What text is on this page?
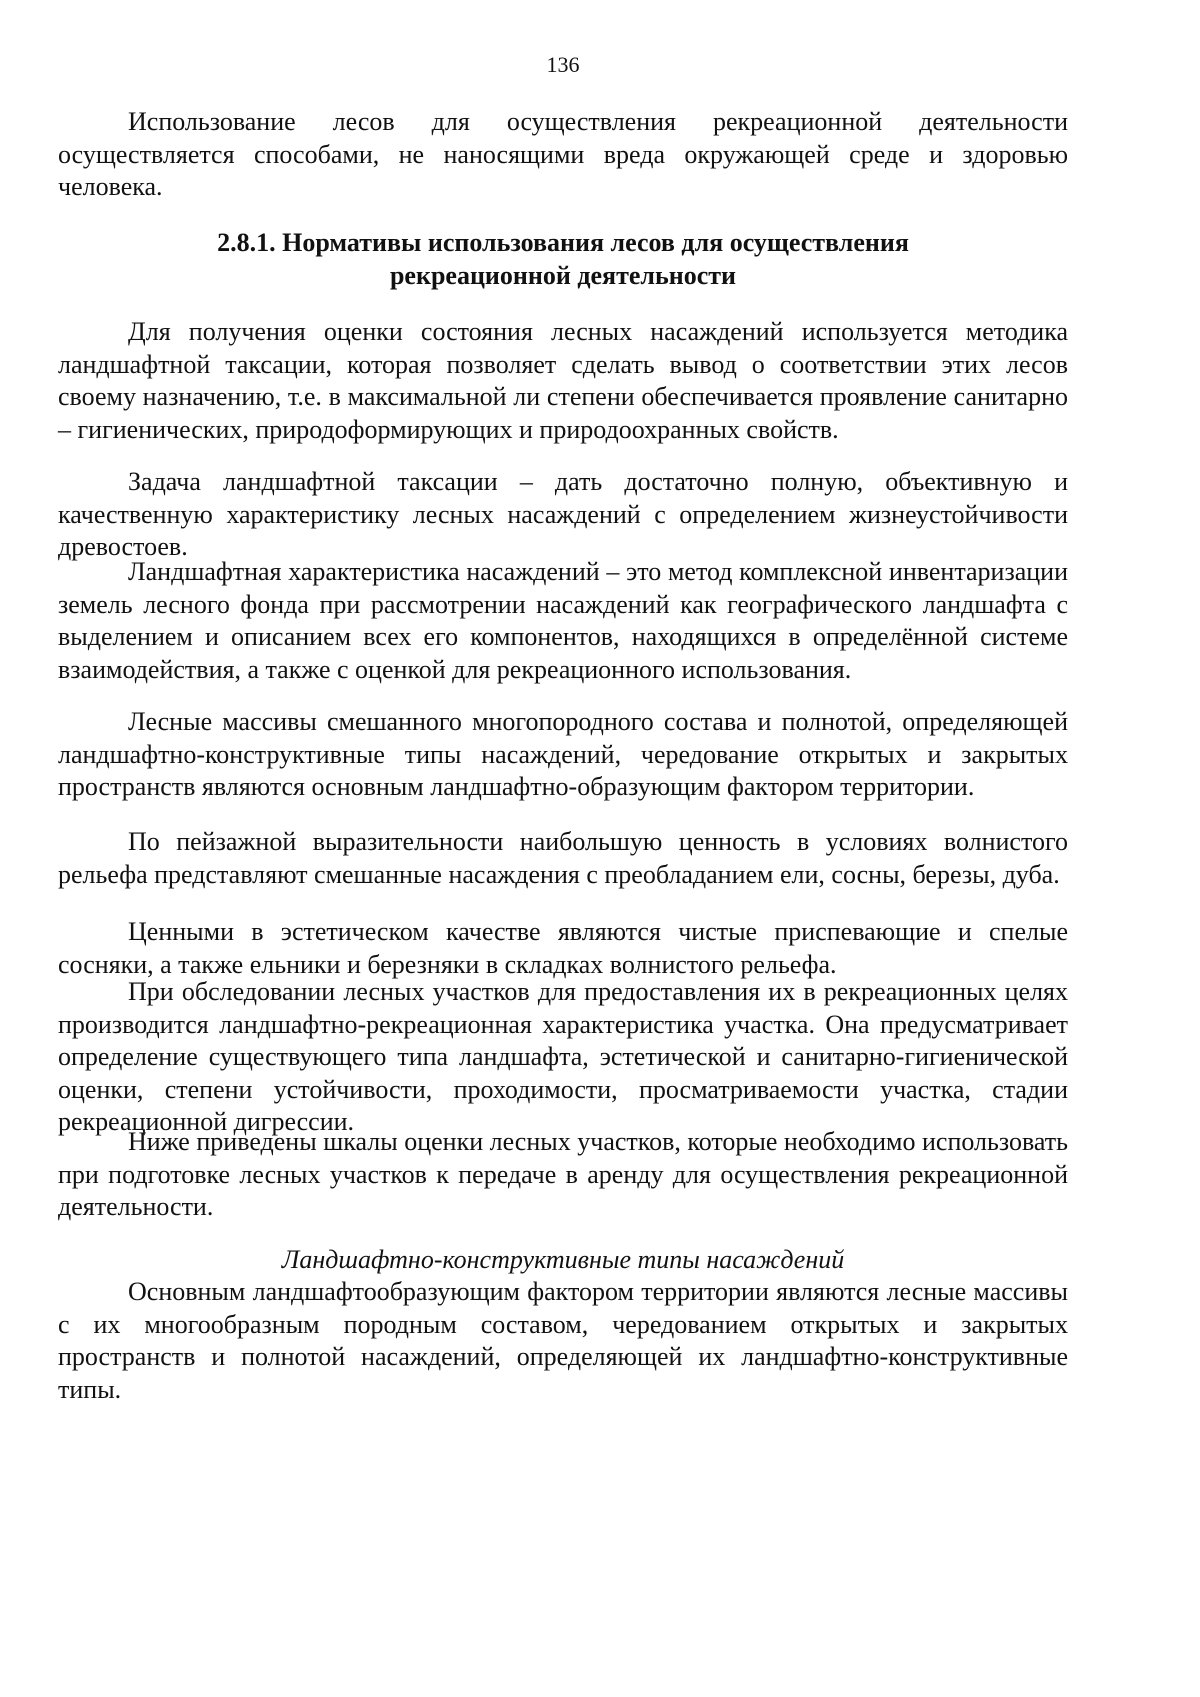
136

Использование лесов для осуществления рекреационной деятельности осуществляется способами, не наносящими вреда окружающей среде и здоровью человека.

2.8.1. Нормативы использования лесов для осуществления
рекреационной деятельности

Для получения оценки состояния лесных насаждений используется методика ландшафтной таксации, которая позволяет сделать вывод о соответствии этих лесов своему назначению, т.е. в максимальной ли степени обеспечивается проявление санитарно – гигиенических, природоформирующих и природоохранных свойств.

Задача ландшафтной таксации – дать достаточно полную, объективную и качественную характеристику лесных насаждений с определением жизнеустойчивости древостоев.

Ландшафтная характеристика насаждений – это метод комплексной инвентаризации земель лесного фонда при рассмотрении насаждений как географического ландшафта с выделением и описанием всех его компонентов, находящихся в определённой системе взаимодействия, а также с оценкой для рекреационного использования.

Лесные массивы смешанного многопородного состава и полнотой, определяющей ландшафтно-конструктивные типы насаждений, чередование открытых и закрытых пространств являются основным ландшафтно-образующим фактором территории.

По пейзажной выразительности наибольшую ценность в условиях волнистого рельефа представляют смешанные насаждения с преобладанием ели, сосны, березы, дуба.

Ценными в эстетическом качестве являются чистые приспевающие и спелые сосняки, а также ельники и березняки в складках волнистого рельефа.

При обследовании лесных участков для предоставления их в рекреационных целях производится ландшафтно-рекреационная характеристика участка. Она предусматривает определение существующего типа ландшафта, эстетической и санитарно-гигиенической оценки, степени устойчивости, проходимости, просматриваемости участка, стадии рекреационной дигрессии.

Ниже приведены шкалы оценки лесных участков, которые необходимо использовать при подготовке лесных участков к передаче в аренду для осуществления рекреационной деятельности.

Ландшафтно-конструктивные типы насаждений

Основным ландшафтообразующим фактором территории являются лесные массивы с их многообразным породным составом, чередованием открытых и закрытых пространств и полнотой насаждений, определяющей их ландшафтно-конструктивные типы.
